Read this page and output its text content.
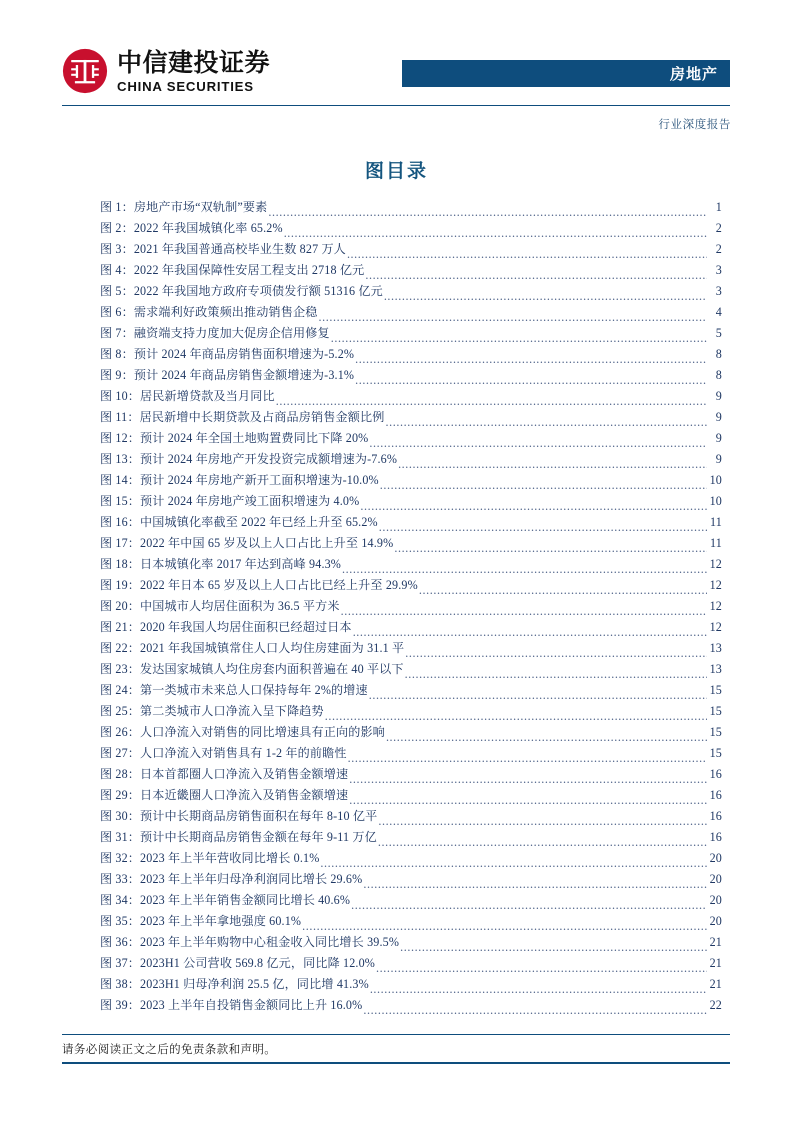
中信建投证券
CHINA SECURITIES
房地产
行业深度报告
图目录
图 1：房地产市场“双轨制”要素 .....	1
图 2：2022 年我国城镇化率 65.2% .....	2
图 3：2021 年我国普通高校毕业生数 827 万人 .....	2
图 4：2022 年我国保障性安居工程支出 2718 亿元 .....	3
图 5：2022 年我国地方政府专项债发行额 51316 亿元 .....	3
图 6：需求端利好政策频出推动销售企稳 .....	4
图 7：融资端支持力度加大促房企信用修复 .....	5
图 8：预计 2024 年商品房销售面积增速为-5.2% .....	8
图 9：预计 2024 年商品房销售金额增速为-3.1% .....	8
图 10：居民新增贷款及当月同比 .....	9
图 11：居民新增中长期贷款及占商品房销售金额比例 .....	9
图 12：预计 2024 年全国土地购置费同比下降 20% .....	9
图 13：预计 2024 年房地产开发投资完成额增速为-7.6% .....	9
图 14：预计 2024 年房地产新开工面积增速为-10.0% .....	10
图 15：预计 2024 年房地产竣工面积增速为 4.0% .....	10
图 16：中国城镇化率截至 2022 年已经上升至 65.2% .....	11
图 17：2022 年中国 65 岁及以上人口占比上升至 14.9% .....	11
图 18：日本城镇化率 2017 年达到高峰 94.3% .....	12
图 19：2022 年日本 65 岁及以上人口占比已经上升至 29.9% .....	12
图 20：中国城市人均居住面积为 36.5 平方米 .....	12
图 21：2020 年我国人均居住面积已经超过日本 .....	12
图 22：2021 年我国城镇常住人口人均住房建面为 31.1 平 .....	13
图 23：发达国家城镇人均住房套内面积普遍在 40 平以下 .....	13
图 24：第一类城市未来总人口保持每年 2%的增速 .....	15
图 25：第二类城市人口净流入呈下降趋势 .....	15
图 26：人口净流入对销售的同比增速具有正向的影响 .....	15
图 27：人口净流入对销售具有 1-2 年的前瞻性 .....	15
图 28：日本首都圈人口净流入及销售金额增速 .....	16
图 29：日本近畿圈人口净流入及销售金额增速 .....	16
图 30：预计中长期商品房销售面积在每年 8-10 亿平 .....	16
图 31：预计中长期商品房销售金额在每年 9-11 万亿 .....	16
图 32：2023 年上半年营收同比增长 0.1% .....	20
图 33：2023 年上半年归母净利润同比增长 29.6% .....	20
图 34：2023 年上半年销售金额同比增长 40.6% .....	20
图 35：2023 年上半年拿地强度 60.1% .....	20
图 36：2023 年上半年购物中心租金收入同比增长 39.5% .....	21
图 37：2023H1 公司营收 569.8 亿元，同比降 12.0% .....	21
图 38：2023H1 归母净利润 25.5 亿，同比增 41.3% .....	21
图 39：2023 上半年自投销售金额同比上升 16.0% .....	22
请务必阅读正文之后的免责条款和声明。
